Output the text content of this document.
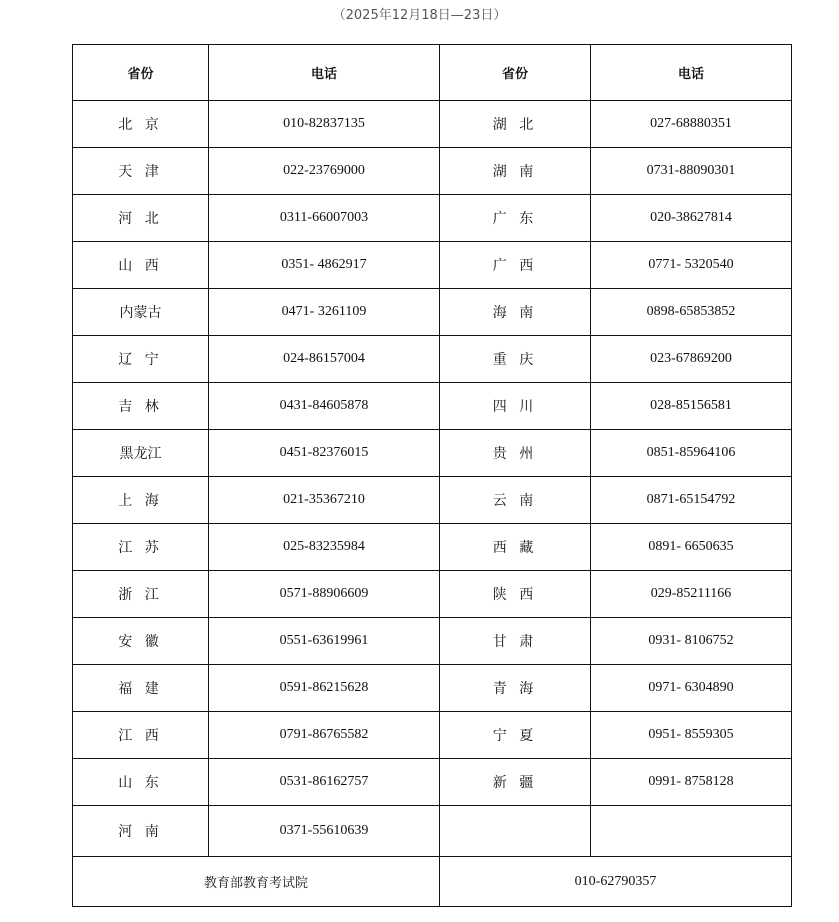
（2025年12月18日—23日）
省份	电话	省份	电话
北 京	010-82837135	湖 北	027-68880351
天 津	022-23769000	湖 南	0731-88090301
河 北	0311-66007003	广 东	020-38627814
山 西	0351- 4862917	广 西	0771- 5320540
内蒙古	0471- 3261109	海 南	0898-65853852
辽 宁	024-86157004	重 庆	023-67869200
吉 林	0431-84605878	四 川	028-85156581
黑龙江	0451-82376015	贵 州	0851-85964106
上 海	021-35367210	云 南	0871-65154792
江 苏	025-83235984	西 藏	0891- 6650635
浙 江	0571-88906609	陕 西	029-85211166
安 徽	0551-63619961	甘 肃	0931- 8106752
福 建	0591-86215628	青 海	0971- 6304890
江 西	0791-86765582	宁 夏	0951- 8559305
山 东	0531-86162757	新 疆	0991- 8758128
河 南	0371-55610639		
教育部教育考试院		010-62790357	
